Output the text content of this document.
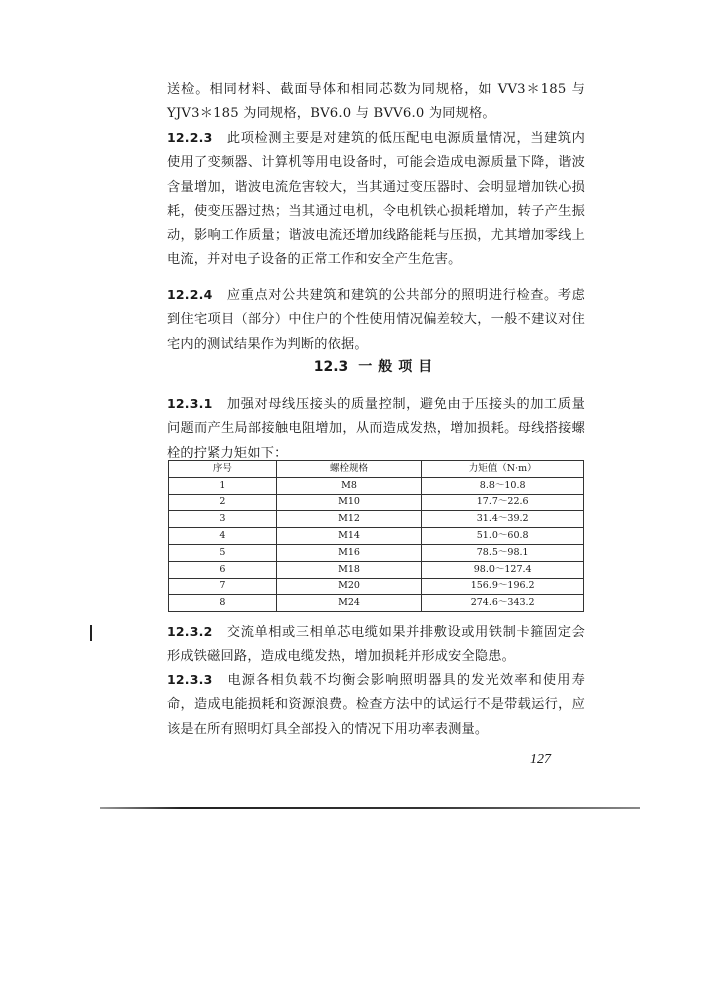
送检。相同材料、截面导体和相同芯数为同规格，如 VV3＊185 与 YJV3＊185 为同规格，BV6.0 与 BVV6.0 为同规格。
12.2.3 此项检测主要是对建筑的低压配电电源质量情况，当建筑内使用了变频器、计算机等用电设备时，可能会造成电源质量下降，谐波含量增加，谐波电流危害较大，当其通过变压器时、会明显增加铁心损耗，使变压器过热；当其通过电机，令电机铁心损耗增加，转子产生振动，影响工作质量；谐波电流还增加线路能耗与压损，尤其增加零线上电流，并对电子设备的正常工作和安全产生危害。
12.2.4 应重点对公共建筑和建筑的公共部分的照明进行检查。考虑到住宅项目（部分）中住户的个性使用情况偏差较大，一般不建议对住宅内的测试结果作为判断的依据。
12.3 一般项目
12.3.1 加强对母线压接头的质量控制，避免由于压接头的加工质量问题而产生局部接触电阻增加，从而造成发热，增加损耗。母线搭接螺栓的拧紧力矩如下：
序号	螺栓规格	力矩值（N·m）
1	M8	8.8～10.8
2	M10	17.7～22.6
3	M12	31.4～39.2
4	M14	51.0～60.8
5	M16	78.5～98.1
6	M18	98.0～127.4
7	M20	156.9～196.2
8	M24	274.6～343.2
12.3.2 交流单相或三相单芯电缆如果并排敷设或用铁制卡箍固定会形成铁磁回路，造成电缆发热，增加损耗并形成安全隐患。
12.3.3 电源各相负载不均衡会影响照明器具的发光效率和使用寿命，造成电能损耗和资源浪费。检查方法中的试运行不是带载运行，应该是在所有照明灯具全部投入的情况下用功率表测量。
127
